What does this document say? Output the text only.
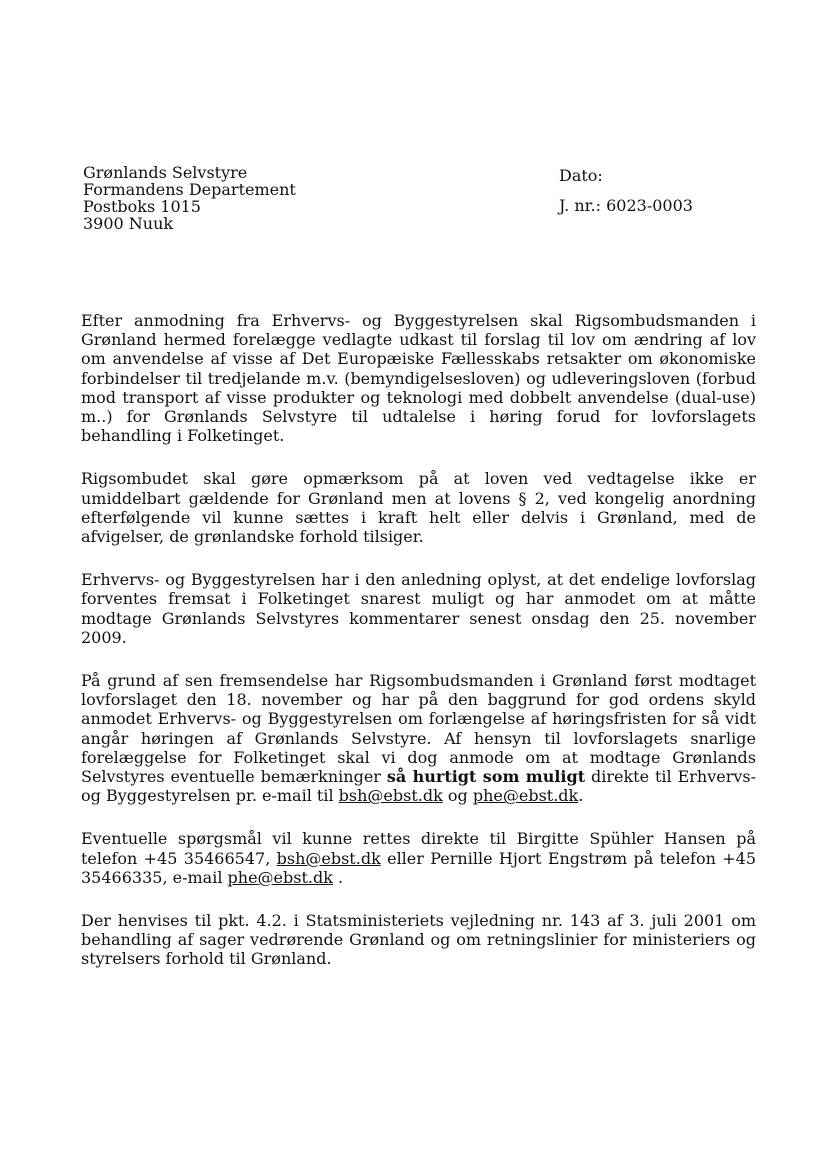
Grønlands Selvstyre
Formandens Departement
Postboks 1015
3900 Nuuk
Dato:
J. nr.: 6023-0003

Efter anmodning fra Erhvervs- og Byggestyrelsen skal Rigsombudsmanden i Grønland hermed forelægge vedlagte udkast til forslag til lov om ændring af lov om anvendelse af visse af Det Europæiske Fællesskabs retsakter om økonomiske forbindelser til tredjelande m.v. (bemyndigelsesloven) og udleveringsloven (forbud mod transport af visse produkter og teknologi med dobbelt anvendelse (dual-use) m..) for Grønlands Selvstyre til udtalelse i høring forud for lovforslagets behandling i Folketinget.

Rigsombudet skal gøre opmærksom på at loven ved vedtagelse ikke er umiddelbart gældende for Grønland men at lovens § 2, ved kongelig anordning efterfølgende vil kunne sættes i kraft helt eller delvis i Grønland, med de afvigelser, de grønlandske forhold tilsiger.

Erhvervs- og Byggestyrelsen har i den anledning oplyst, at det endelige lovforslag forventes fremsat i Folketinget snarest muligt og har anmodet om at måtte modtage Grønlands Selvstyres kommentarer senest onsdag den 25. november 2009.

På grund af sen fremsendelse har Rigsombudsmanden i Grønland først modtaget lovforslaget den 18. november og har på den baggrund for god ordens skyld anmodet Erhvervs- og Byggestyrelsen om forlængelse af høringsfristen for så vidt angår høringen af Grønlands Selvstyre. Af hensyn til lovforslagets snarlige forelæggelse for Folketinget skal vi dog anmode om at modtage Grønlands Selvstyres eventuelle bemærkninger så hurtigt som muligt direkte til Erhvervs- og Byggestyrelsen pr. e-mail til bsh@ebst.dk og phe@ebst.dk.

Eventuelle spørgsmål vil kunne rettes direkte til Birgitte Spühler Hansen på telefon +45 35466547, bsh@ebst.dk eller Pernille Hjort Engstrøm på telefon +45 35466335, e-mail phe@ebst.dk .

Der henvises til pkt. 4.2. i Statsministeriets vejledning nr. 143 af 3. juli 2001 om behandling af sager vedrørende Grønland og om retningslinier for ministeriers og styrelsers forhold til Grønland.
